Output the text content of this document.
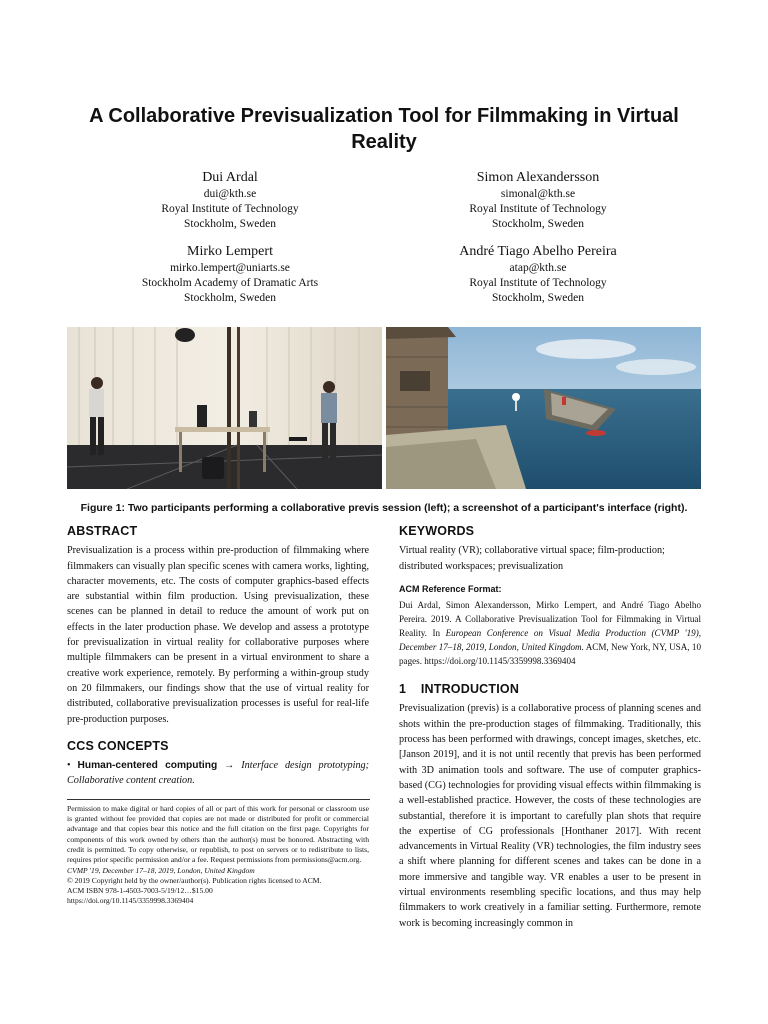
A Collaborative Previsualization Tool for Filmmaking in Virtual Reality
Dui Ardal
dui@kth.se
Royal Institute of Technology
Stockholm, Sweden
Simon Alexandersson
simonal@kth.se
Royal Institute of Technology
Stockholm, Sweden
Mirko Lempert
mirko.lempert@uniarts.se
Stockholm Academy of Dramatic Arts
Stockholm, Sweden
André Tiago Abelho Pereira
atap@kth.se
Royal Institute of Technology
Stockholm, Sweden
Figure 1: Two participants performing a collaborative previs session (left); a screenshot of a participant's interface (right).
ABSTRACT

Previsualization is a process within pre-production of filmmaking where filmmakers can visually plan specific scenes with camera works, lighting, character movements, etc. The costs of computer graphics-based effects are substantial within film production. Using previsualization, these scenes can be planned in detail to reduce the amount of work put on effects in the later production phase. We develop and assess a prototype for previsualization in virtual reality for collaborative purposes where multiple filmmakers can be present in a virtual environment to share a creative work experience, remotely. By performing a within-group study on 20 filmmakers, our findings show that the use of virtual reality for distributed, collaborative previsualization processes is useful for real-life pre-production purposes.

CCS CONCEPTS

• Human-centered computing → Interface design prototyping; Collaborative content creation.

Permission to make digital or hard copies of all or part of this work for personal or classroom use is granted without fee provided that copies are not made or distributed for profit or commercial advantage and that copies bear this notice and the full citation on the first page. Copyrights for components of this work owned by others than the author(s) must be honored. Abstracting with credit is permitted. To copy otherwise, or republish, to post on servers or to redistribute to lists, requires prior specific permission and/or a fee. Request permissions from permissions@acm.org.
CVMP '19, December 17–18, 2019, London, United Kingdom
© 2019 Copyright held by the owner/author(s). Publication rights licensed to ACM.
ACM ISBN 978-1-4503-7003-5/19/12…$15.00
https://doi.org/10.1145/3359998.3369404
KEYWORDS

Virtual reality (VR); collaborative virtual space; film-production; distributed workspaces; previsualization

ACM Reference Format:

Dui Ardal, Simon Alexandersson, Mirko Lempert, and André Tiago Abelho Pereira. 2019. A Collaborative Previsualization Tool for Filmmaking in Virtual Reality. In European Conference on Visual Media Production (CVMP '19), December 17–18, 2019, London, United Kingdom. ACM, New York, NY, USA, 10 pages. https://doi.org/10.1145/3359998.3369404

1    INTRODUCTION

Previsualization (previs) is a collaborative process of planning scenes and shots within the pre-production stages of filmmaking. Traditionally, this process has been performed with drawings, concept images, sketches, etc. [Janson 2019], and it is not until recently that previs has been performed with 3D animation tools and software. The use of computer graphics-based (CG) technologies for providing visual effects within filmmaking is a well-established practice. However, the costs of these technologies are substantial, therefore it is important to carefully plan shots that require the expertise of CG professionals [Honthaner 2017]. With recent advancements in Virtual Reality (VR) technologies, the film industry sees a shift where planning for different scenes and takes can be done in a more immersive and tangible way. VR enables a user to be present in virtual environments resembling specific locations, and thus may help filmmakers to work creatively in a familiar setting. Furthermore, remote work is becoming increasingly common in
